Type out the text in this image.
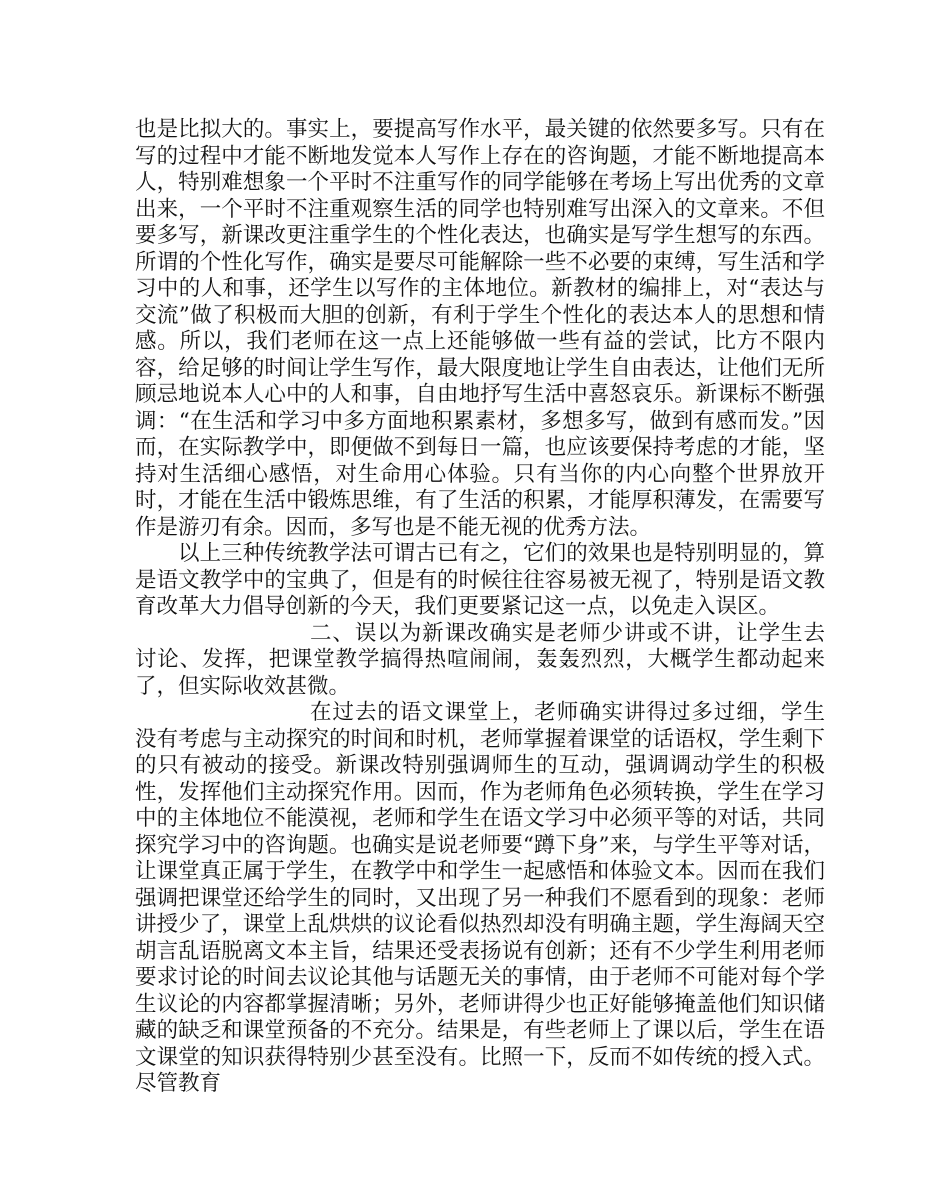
也是比拟大的。事实上，要提高写作水平，最关键的依然要多写。只有在写的过程中才能不断地发觉本人写作上存在的咨询题，才能不断地提高本人，特别难想象一个平时不注重写作的同学能够在考场上写出优秀的文章出来，一个平时不注重观察生活的同学也特别难写出深入的文章来。不但要多写，新课改更注重学生的个性化表达，也确实是写学生想写的东西。所谓的个性化写作，确实是要尽可能解除一些不必要的束缚，写生活和学习中的人和事，还学生以写作的主体地位。新教材的编排上，对“表达与交流”做了积极而大胆的创新，有利于学生个性化的表达本人的思想和情感。所以，我们老师在这一点上还能够做一些有益的尝试，比方不限内容，给足够的时间让学生写作，最大限度地让学生自由表达，让他们无所顾忌地说本人心中的人和事，自由地抒写生活中喜怒哀乐。新课标不断强调：“在生活和学习中多方面地积累素材，多想多写，做到有感而发。”因而，在实际教学中，即便做不到每日一篇，也应该要保持考虑的才能，坚持对生活细心感悟，对生命用心体验。只有当你的内心向整个世界放开时，才能在生活中锻炼思维，有了生活的积累，才能厚积薄发，在需要写作是游刃有余。因而，多写也是不能无视的优秀方法。

以上三种传统教学法可谓古已有之，它们的效果也是特别明显的，算是语文教学中的宝典了，但是有的时候往往容易被无视了，特别是语文教育改革大力倡导创新的今天，我们更要紧记这一点，以免走入误区。

二、误以为新课改确实是老师少讲或不讲，让学生去讨论、发挥，把课堂教学搞得热喧闹闹，轰轰烈烈，大概学生都动起来了，但实际收效甚微。

在过去的语文课堂上，老师确实讲得过多过细，学生没有考虑与主动探究的时间和时机，老师掌握着课堂的话语权，学生剩下的只有被动的接受。新课改特别强调师生的互动，强调调动学生的积极性，发挥他们主动探究作用。因而，作为老师角色必须转换，学生在学习中的主体地位不能漠视，老师和学生在语文学习中必须平等的对话，共同探究学习中的咨询题。也确实是说老师要“蹲下身”来，与学生平等对话，让课堂真正属于学生，在教学中和学生一起感悟和体验文本。因而在我们强调把课堂还给学生的同时，又出现了另一种我们不愿看到的现象：老师讲授少了，课堂上乱烘烘的议论看似热烈却没有明确主题，学生海阔天空胡言乱语脱离文本主旨，结果还受表扬说有创新；还有不少学生利用老师要求讨论的时间去议论其他与话题无关的事情，由于老师不可能对每个学生议论的内容都掌握清晰；另外，老师讲得少也正好能够掩盖他们知识储藏的缺乏和课堂预备的不充分。结果是，有些老师上了课以后，学生在语文课堂的知识获得特别少甚至没有。比照一下，反而不如传统的授入式。尽管教育
